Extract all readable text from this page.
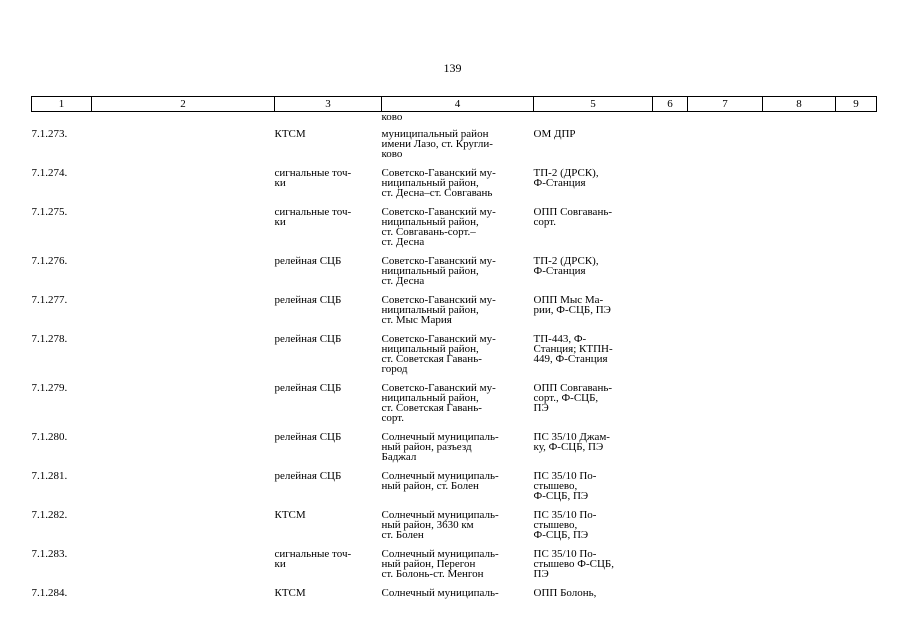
139
1	2	3	4	5	6	7	8	9

			ково					

7.1.273.		КТСМ	муниципальный район
имени Лазо, ст. Кругли-
ково	ОМ ДПР				

7.1.274.		сигнальные точ-
ки	Советско-Гаванский му-
ниципальный район,
ст. Десна–ст. Совгавань	ТП-2 (ДРСК),
Ф-Станция				

7.1.275.		сигнальные точ-
ки	Советско-Гаванский му-
ниципальный район,
ст. Совгавань-сорт.–
ст. Десна	ОПП Совгавань-
сорт.				

7.1.276.		релейная СЦБ	Советско-Гаванский му-
ниципальный район,
ст. Десна	ТП-2 (ДРСК),
Ф-Станция				

7.1.277.		релейная СЦБ	Советско-Гаванский му-
ниципальный район,
ст. Мыс Мария	ОПП Мыс Ма-
рии, Ф-СЦБ, ПЭ				

7.1.278.		релейная СЦБ	Советско-Гаванский му-
ниципальный район,
ст. Советская Гавань-
город	ТП-443, Ф-
Станция; КТПН-
449, Ф-Станция				

7.1.279.		релейная СЦБ	Советско-Гаванский му-
ниципальный район,
ст. Советская Гавань-
сорт.	ОПП Совгавань-
сорт., Ф-СЦБ,
ПЭ				

7.1.280.		релейная СЦБ	Солнечный муниципаль-
ный район, разъезд
Баджал	ПС 35/10 Джам-
ку, Ф-СЦБ, ПЭ				

7.1.281.		релейная СЦБ	Солнечный муниципаль-
ный район, ст. Болен	ПС 35/10 По-
стышево,
Ф-СЦБ, ПЭ				

7.1.282.		КТСМ	Солнечный муниципаль-
ный район, 3630 км
ст. Болен	ПС 35/10 По-
стышево,
Ф-СЦБ, ПЭ				

7.1.283.		сигнальные точ-
ки	Солнечный муниципаль-
ный район, Перегон
ст. Болонь-ст. Менгон	ПС 35/10 По-
стышево Ф-СЦБ,
ПЭ				

7.1.284.		КТСМ	Солнечный муниципаль-	ОПП Болонь,				
